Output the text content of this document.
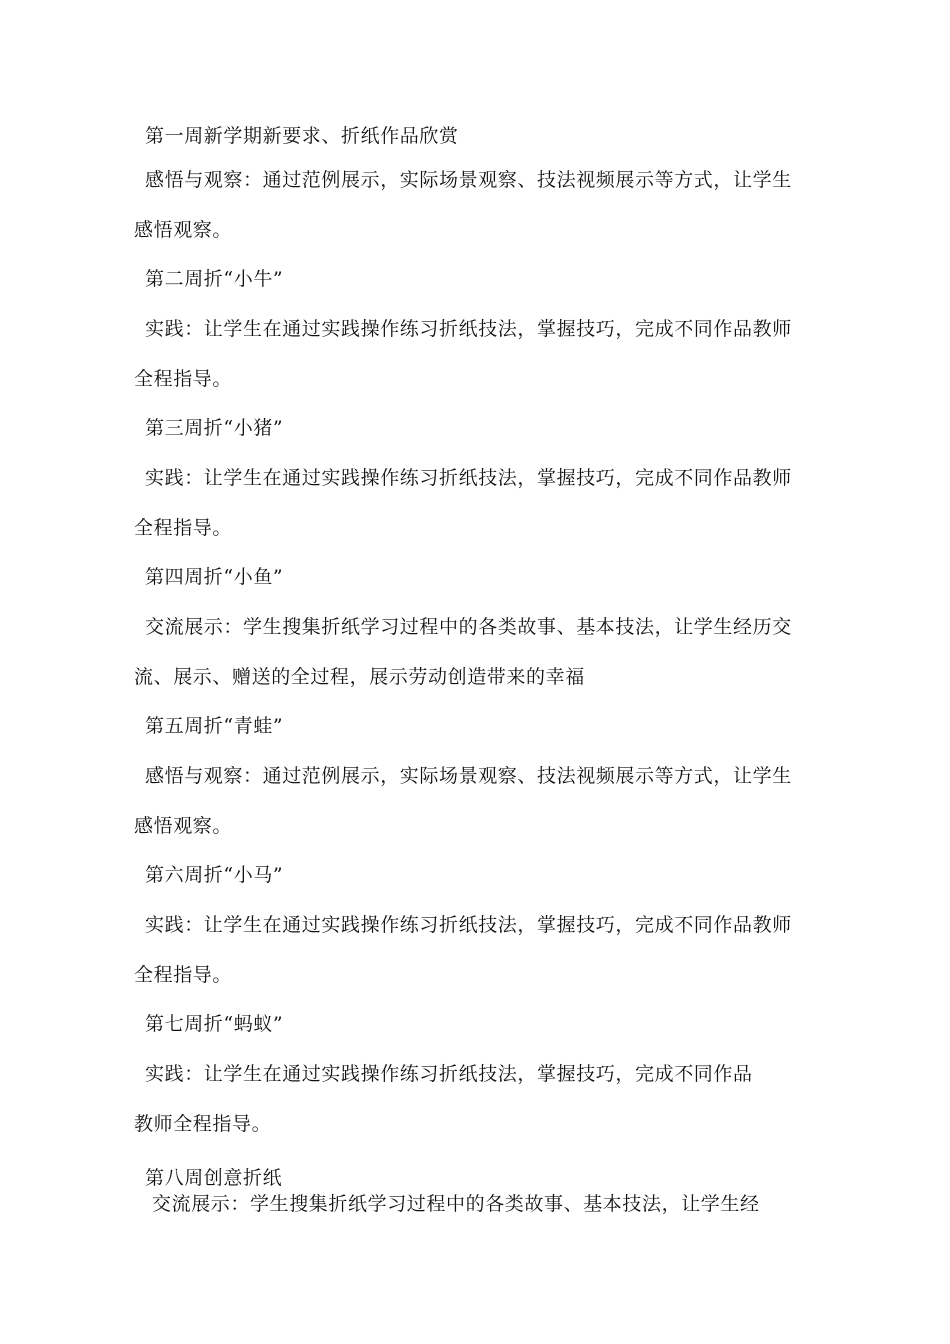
第一周新学期新要求、折纸作品欣赏
感悟与观察：通过范例展示，实际场景观察、技法视频展示等方式，让学生
感悟观察。
第二周折“小牛”
实践：让学生在通过实践操作练习折纸技法，掌握技巧，完成不同作品教师
全程指导。
第三周折“小猪”
实践：让学生在通过实践操作练习折纸技法，掌握技巧，完成不同作品教师
全程指导。
第四周折“小鱼”
交流展示：学生搜集折纸学习过程中的各类故事、基本技法，让学生经历交
流、展示、赠送的全过程，展示劳动创造带来的幸福
第五周折“青蛙”
感悟与观察：通过范例展示，实际场景观察、技法视频展示等方式，让学生
感悟观察。
第六周折“小马”
实践：让学生在通过实践操作练习折纸技法，掌握技巧，完成不同作品教师
全程指导。
第七周折“蚂蚁”
实践：让学生在通过实践操作练习折纸技法，掌握技巧，完成不同作品
教师全程指导。
第八周创意折纸
交流展示：学生搜集折纸学习过程中的各类故事、基本技法，让学生经
